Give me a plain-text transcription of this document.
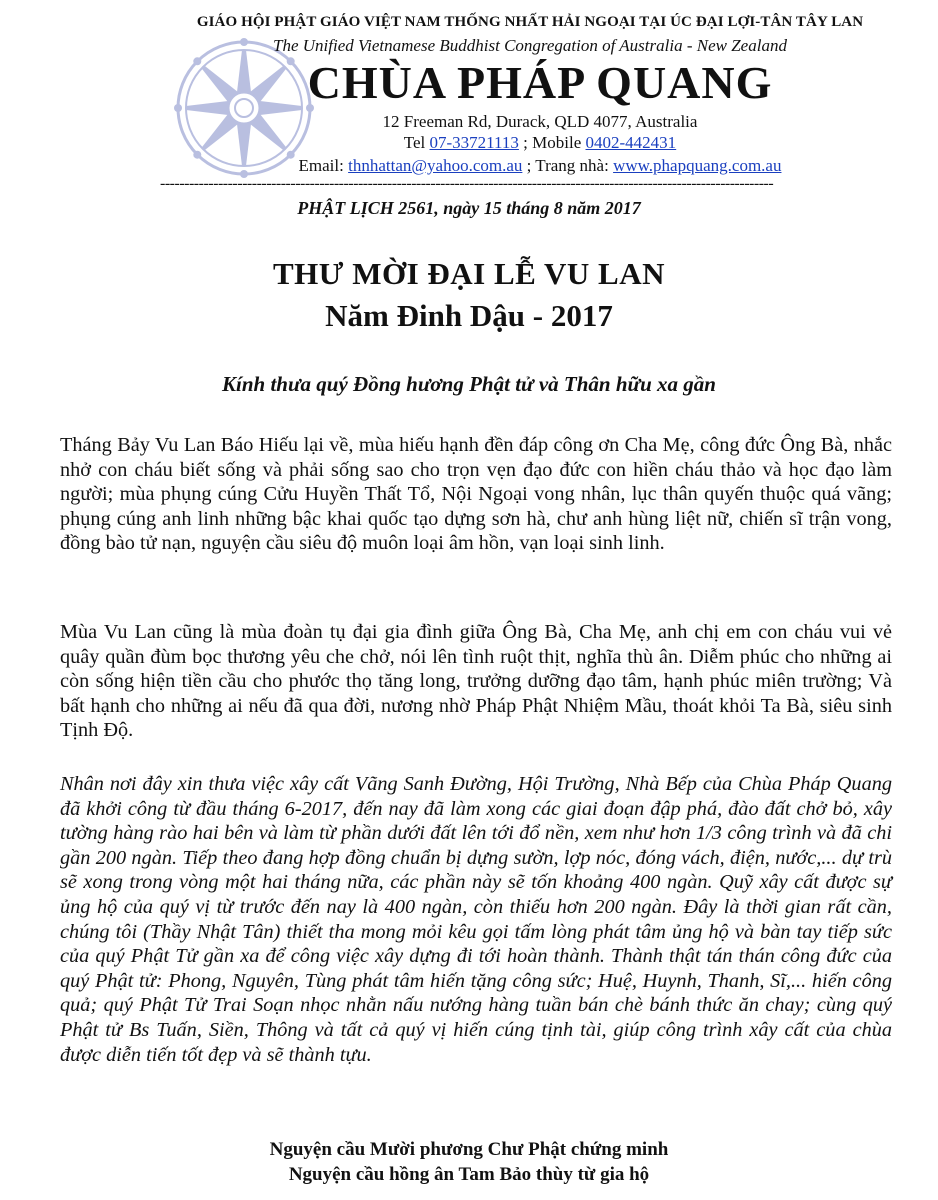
GIÁO HỘI PHẬT GIÁO VIỆT NAM THỐNG NHẤT HẢI NGOẠI TẠI ÚC ĐẠI LỢI-TÂN TÂY LAN
The Unified Vietnamese Buddhist Congregation of Australia - New Zealand
CHÙA PHÁP QUANG
12 Freeman Rd, Durack, QLD 4077, Australia
Tel 07-33721113 ; Mobile 0402-442431
Email: thnhattan@yahoo.com.au ; Trang nhà: www.phapquang.com.au
-------------------------------------------------------------------------------------------------------------------------------
PHẬT LỊCH 2561, ngày 15 tháng 8 năm 2017
THƯ MỜI ĐẠI LỄ VU LAN
Năm Đinh Dậu - 2017
Kính thưa quý Đồng hương Phật tử và Thân hữu xa gần
Tháng Bảy Vu Lan Báo Hiếu lại về, mùa hiếu hạnh đền đáp công ơn Cha Mẹ, công đức Ông Bà, nhắc nhở con cháu biết sống và phải sống sao cho trọn vẹn đạo đức con hiền cháu thảo và học đạo làm người; mùa phụng cúng Cửu Huyền Thất Tổ, Nội Ngoại vong nhân, lục thân quyến thuộc quá vãng; phụng cúng anh linh những bậc khai quốc tạo dựng sơn hà, chư anh hùng liệt nữ, chiến sĩ trận vong, đồng bào tử nạn, nguyện cầu siêu độ muôn loại âm hồn, vạn loại sinh linh.
Mùa Vu Lan cũng là mùa đoàn tụ đại gia đình giữa Ông Bà, Cha Mẹ, anh chị em con cháu vui vẻ quây quần đùm bọc thương yêu che chở, nói lên tình ruột thịt, nghĩa thù ân. Diễm phúc cho những ai còn sống hiện tiền cầu cho phước thọ tăng long, trưởng dưỡng đạo tâm, hạnh phúc miên trường; Và bất hạnh cho những ai nếu đã qua đời, nương nhờ Pháp Phật Nhiệm Mầu, thoát khỏi Ta Bà, siêu sinh Tịnh Độ.
Nhân nơi đây xin thưa việc xây cất Vãng Sanh Đường, Hội Trường, Nhà Bếp của Chùa Pháp Quang đã khởi công từ đầu tháng 6-2017, đến nay đã làm xong các giai đoạn đập phá, đào đất chở bỏ, xây tường hàng rào hai bên và làm từ phần dưới đất lên tới đổ nền, xem như hơn 1/3 công trình và đã chi gần 200 ngàn. Tiếp theo đang hợp đồng chuẩn bị dựng sườn, lợp nóc, đóng vách, điện, nước,... dự trù sẽ xong trong vòng một hai tháng nữa, các phần này sẽ tốn khoảng 400 ngàn. Quỹ xây cất được sự ủng hộ của quý vị từ trước đến nay là 400 ngàn, còn thiếu hơn 200 ngàn. Đây là thời gian rất cần, chúng tôi (Thầy Nhật Tân) thiết tha mong mỏi kêu gọi tấm lòng phát tâm ủng hộ và bàn tay tiếp sức của quý Phật Tử gần xa để công việc xây dựng đi tới hoàn thành. Thành thật tán thán công đức của quý Phật tử: Phong, Nguyên, Tùng phát tâm hiến tặng công sức; Huệ, Huynh, Thanh, Sĩ,... hiến công quả; quý Phật Tử Trai Soạn nhọc nhằn nấu nướng hàng tuần bán chè bánh thức ăn chay; cùng quý Phật tử Bs Tuấn, Siền, Thông và tất cả quý vị hiến cúng tịnh tài, giúp công trình xây cất của chùa được diễn tiến tốt đẹp và sẽ thành tựu.
Nguyện cầu Mười phương Chư Phật chứng minh
Nguyện cầu hồng ân Tam Bảo thùy từ gia hộ
